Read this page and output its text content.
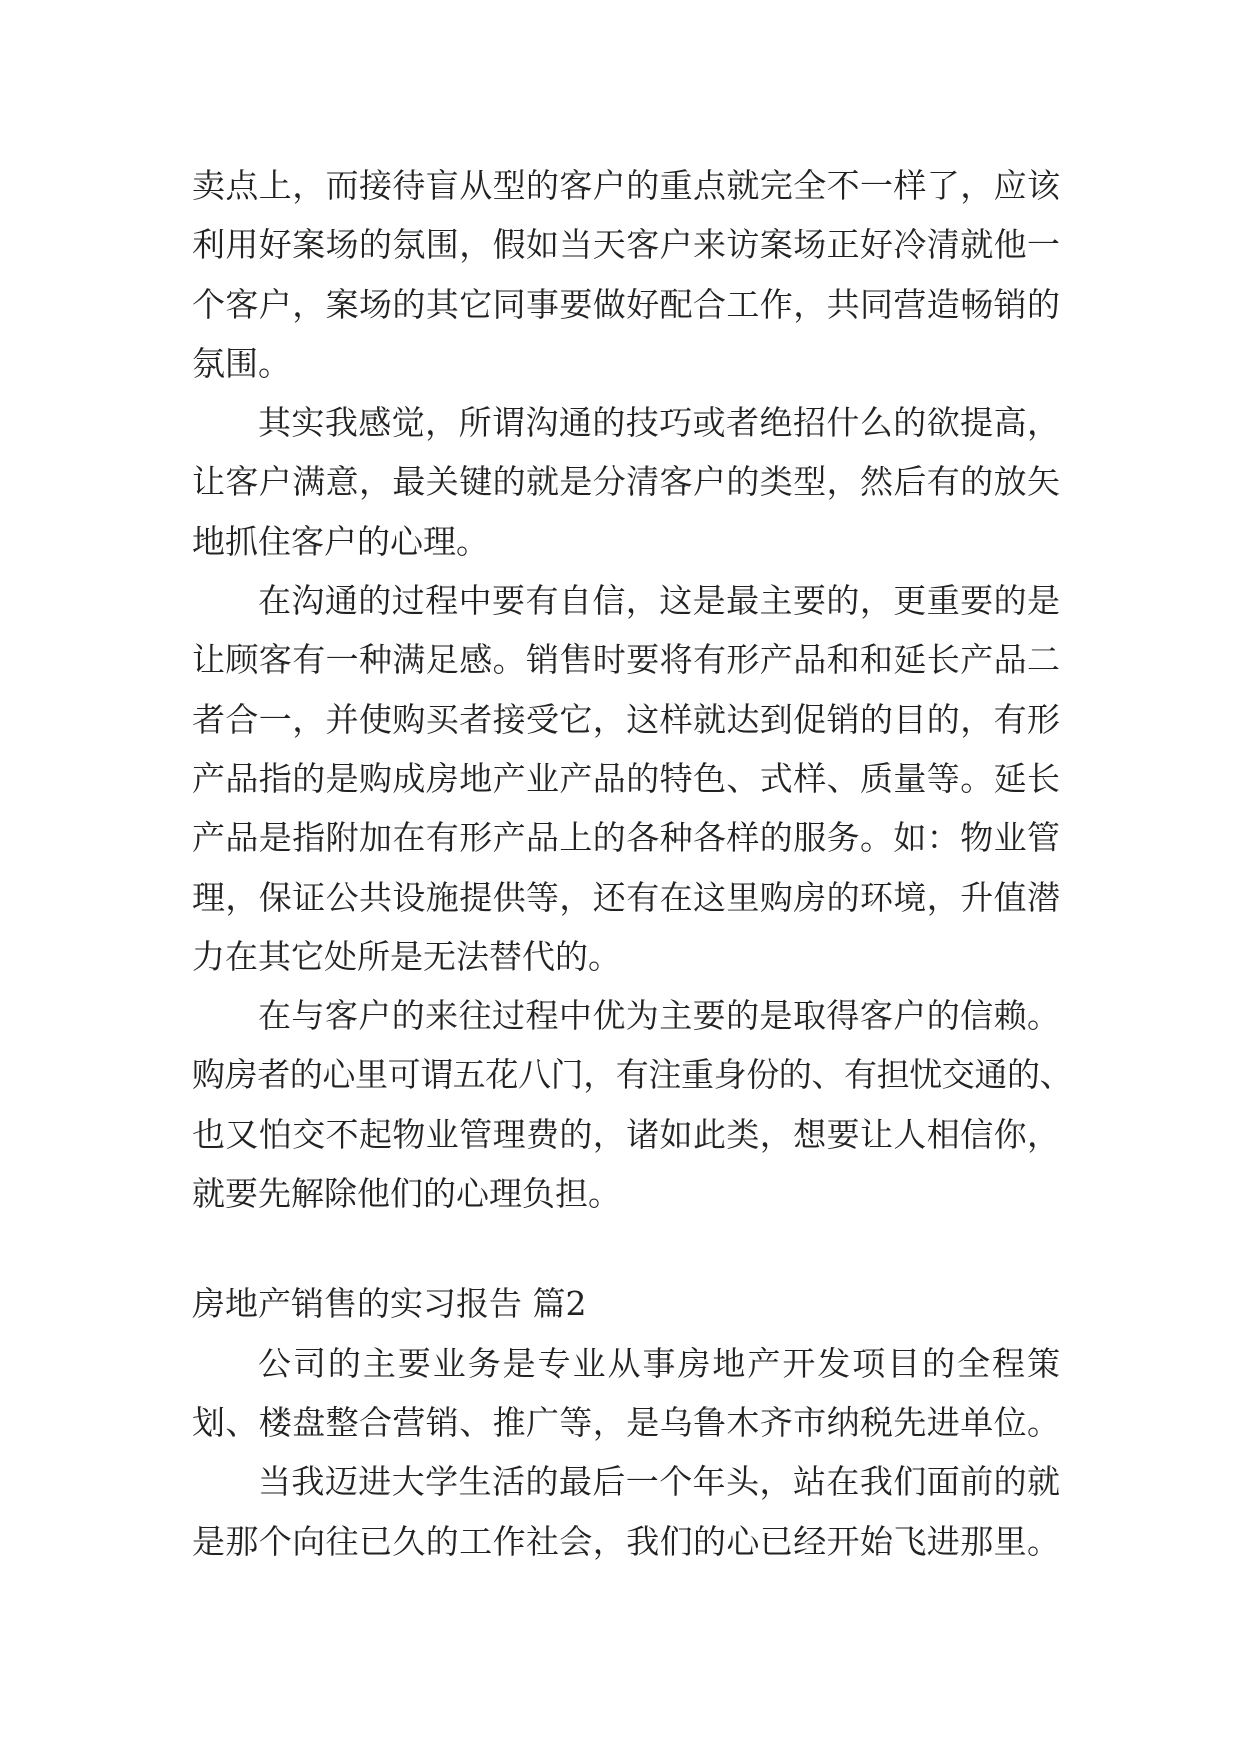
卖点上，而接待盲从型的客户的重点就完全不一样了，应该
利用好案场的氛围，假如当天客户来访案场正好冷清就他一
个客户，案场的其它同事要做好配合工作，共同营造畅销的
氛围。
其实我感觉，所谓沟通的技巧或者绝招什么的欲提高，
让客户满意，最关键的就是分清客户的类型，然后有的放矢
地抓住客户的心理。
在沟通的过程中要有自信，这是最主要的，更重要的是
让顾客有一种满足感。销售时要将有形产品和和延长产品二
者合一，并使购买者接受它，这样就达到促销的目的，有形
产品指的是购成房地产业产品的特色、式样、质量等。延长
产品是指附加在有形产品上的各种各样的服务。如：物业管
理，保证公共设施提供等，还有在这里购房的环境，升值潜
力在其它处所是无法替代的。
在与客户的来往过程中优为主要的是取得客户的信赖。
购房者的心里可谓五花八门，有注重身份的、有担忧交通的、
也又怕交不起物业管理费的，诸如此类，想要让人相信你，
就要先解除他们的心理负担。
房地产销售的实习报告 篇2
公司的主要业务是专业从事房地产开发项目的全程策
划、楼盘整合营销、推广等，是乌鲁木齐市纳税先进单位。
当我迈进大学生活的最后一个年头，站在我们面前的就
是那个向往已久的工作社会，我们的心已经开始飞进那里。
